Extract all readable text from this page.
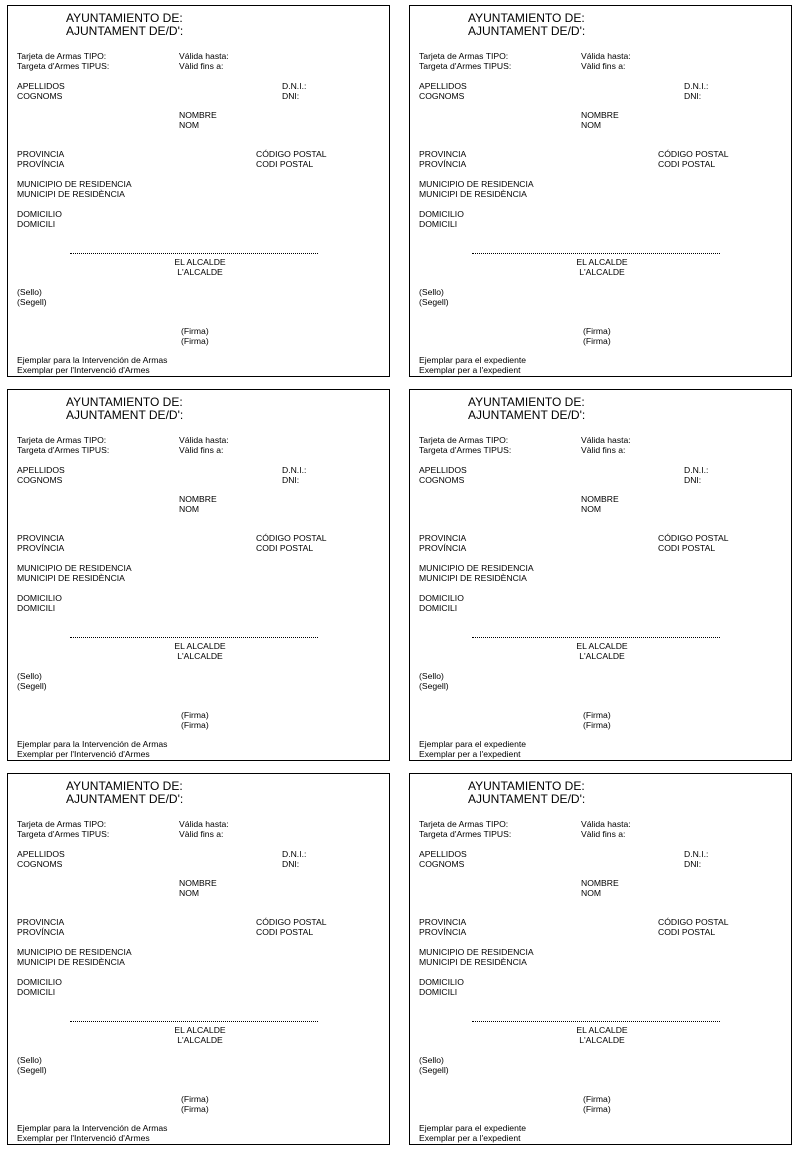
AYUNTAMIENTO DE:
AJUNTAMENT DE/D':
Tarjeta de Armas TIPO:
Targeta d'Armes TIPUS:
Válida hasta:
Vàlid fins a:
APELLIDOS
COGNOMS
D.N.I.:
DNI:
NOMBRE
NOM
PROVINCIA
PROVÍNCIA
CÓDIGO POSTAL
CODI POSTAL
MUNICIPIO DE RESIDENCIA
MUNICIPI DE RESIDÈNCIA
DOMICILIO
DOMICILI
EL ALCALDE
L'ALCALDE
(Sello)
(Segell)
(Firma)
(Firma)
Ejemplar para la Intervención de Armas
Exemplar per l'Intervenció d'Armes
AYUNTAMIENTO DE:
AJUNTAMENT DE/D':
Tarjeta de Armas TIPO:
Targeta d'Armes TIPUS:
Válida hasta:
Vàlid fins a:
APELLIDOS
COGNOMS
D.N.I.:
DNI:
NOMBRE
NOM
PROVINCIA
PROVÍNCIA
CÓDIGO POSTAL
CODI POSTAL
MUNICIPIO DE RESIDENCIA
MUNICIPI DE RESIDÈNCIA
DOMICILIO
DOMICILI
EL ALCALDE
L'ALCALDE
(Sello)
(Segell)
(Firma)
(Firma)
Ejemplar para el expediente
Exemplar per a l'expedient
AYUNTAMIENTO DE:
AJUNTAMENT DE/D':
Tarjeta de Armas TIPO:
Targeta d'Armes TIPUS:
Válida hasta:
Vàlid fins a:
APELLIDOS
COGNOMS
D.N.I.:
DNI:
NOMBRE
NOM
PROVINCIA
PROVÍNCIA
CÓDIGO POSTAL
CODI POSTAL
MUNICIPIO DE RESIDENCIA
MUNICIPI DE RESIDÈNCIA
DOMICILIO
DOMICILI
EL ALCALDE
L'ALCALDE
(Sello)
(Segell)
(Firma)
(Firma)
Ejemplar para la Intervención de Armas
Exemplar per l'Intervenció d'Armes
AYUNTAMIENTO DE:
AJUNTAMENT DE/D':
Tarjeta de Armas TIPO:
Targeta d'Armes TIPUS:
Válida hasta:
Vàlid fins a:
APELLIDOS
COGNOMS
D.N.I.:
DNI:
NOMBRE
NOM
PROVINCIA
PROVÍNCIA
CÓDIGO POSTAL
CODI POSTAL
MUNICIPIO DE RESIDENCIA
MUNICIPI DE RESIDÈNCIA
DOMICILIO
DOMICILI
EL ALCALDE
L'ALCALDE
(Sello)
(Segell)
(Firma)
(Firma)
Ejemplar para el expediente
Exemplar per a l'expedient
AYUNTAMIENTO DE:
AJUNTAMENT DE/D':
Tarjeta de Armas TIPO:
Targeta d'Armes TIPUS:
Válida hasta:
Vàlid fins a:
APELLIDOS
COGNOMS
D.N.I.:
DNI:
NOMBRE
NOM
PROVINCIA
PROVÍNCIA
CÓDIGO POSTAL
CODI POSTAL
MUNICIPIO DE RESIDENCIA
MUNICIPI DE RESIDÈNCIA
DOMICILIO
DOMICILI
EL ALCALDE
L'ALCALDE
(Sello)
(Segell)
(Firma)
(Firma)
Ejemplar para la Intervención de Armas
Exemplar per l'Intervenció d'Armes
AYUNTAMIENTO DE:
AJUNTAMENT DE/D':
Tarjeta de Armas TIPO:
Targeta d'Armes TIPUS:
Válida hasta:
Vàlid fins a:
APELLIDOS
COGNOMS
D.N.I.:
DNI:
NOMBRE
NOM
PROVINCIA
PROVÍNCIA
CÓDIGO POSTAL
CODI POSTAL
MUNICIPIO DE RESIDENCIA
MUNICIPI DE RESIDÈNCIA
DOMICILIO
DOMICILI
EL ALCALDE
L'ALCALDE
(Sello)
(Segell)
(Firma)
(Firma)
Ejemplar para el expediente
Exemplar per a l'expedient
